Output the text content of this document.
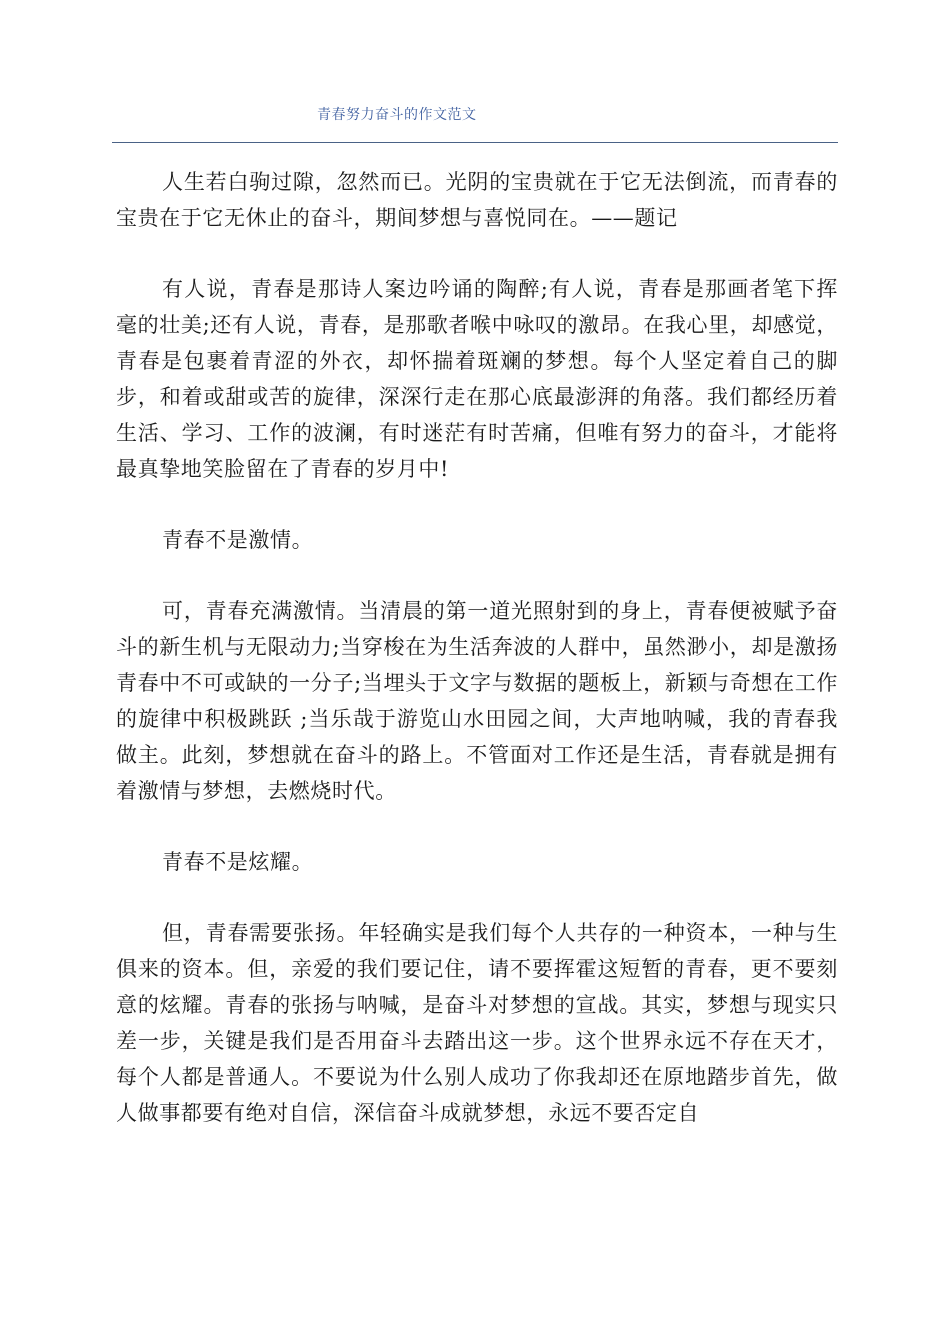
青春努力奋斗的作文范文

人生若白驹过隙，忽然而已。光阴的宝贵就在于它无法倒流，而青春的宝贵在于它无休止的奋斗，期间梦想与喜悦同在。——题记

有人说，青春是那诗人案边吟诵的陶醉;有人说，青春是那画者笔下挥毫的壮美;还有人说，青春，是那歌者喉中咏叹的激昂。在我心里，却感觉，青春是包裹着青涩的外衣，却怀揣着斑斓的梦想。每个人坚定着自己的脚步，和着或甜或苦的旋律，深深行走在那心底最澎湃的角落。我们都经历着生活、学习、工作的波澜，有时迷茫有时苦痛，但唯有努力的奋斗，才能将最真挚地笑脸留在了青春的岁月中!

青春不是激情。

可，青春充满激情。当清晨的第一道光照射到的身上，青春便被赋予奋斗的新生机与无限动力;当穿梭在为生活奔波的人群中，虽然渺小，却是激扬青春中不可或缺的一分子;当埋头于文字与数据的题板上，新颖与奇想在工作的旋律中积极跳跃 ;当乐哉于游览山水田园之间，大声地呐喊，我的青春我做主。此刻，梦想就在奋斗的路上。不管面对工作还是生活，青春就是拥有着激情与梦想，去燃烧时代。

青春不是炫耀。

但，青春需要张扬。年轻确实是我们每个人共存的一种资本，一种与生俱来的资本。但，亲爱的我们要记住，请不要挥霍这短暂的青春，更不要刻意的炫耀。青春的张扬与呐喊，是奋斗对梦想的宣战。其实，梦想与现实只差一步，关键是我们是否用奋斗去踏出这一步。这个世界永远不存在天才，每个人都是普通人。不要说为什么别人成功了你我却还在原地踏步首先，做人做事都要有绝对自信，深信奋斗成就梦想，永远不要否定自
